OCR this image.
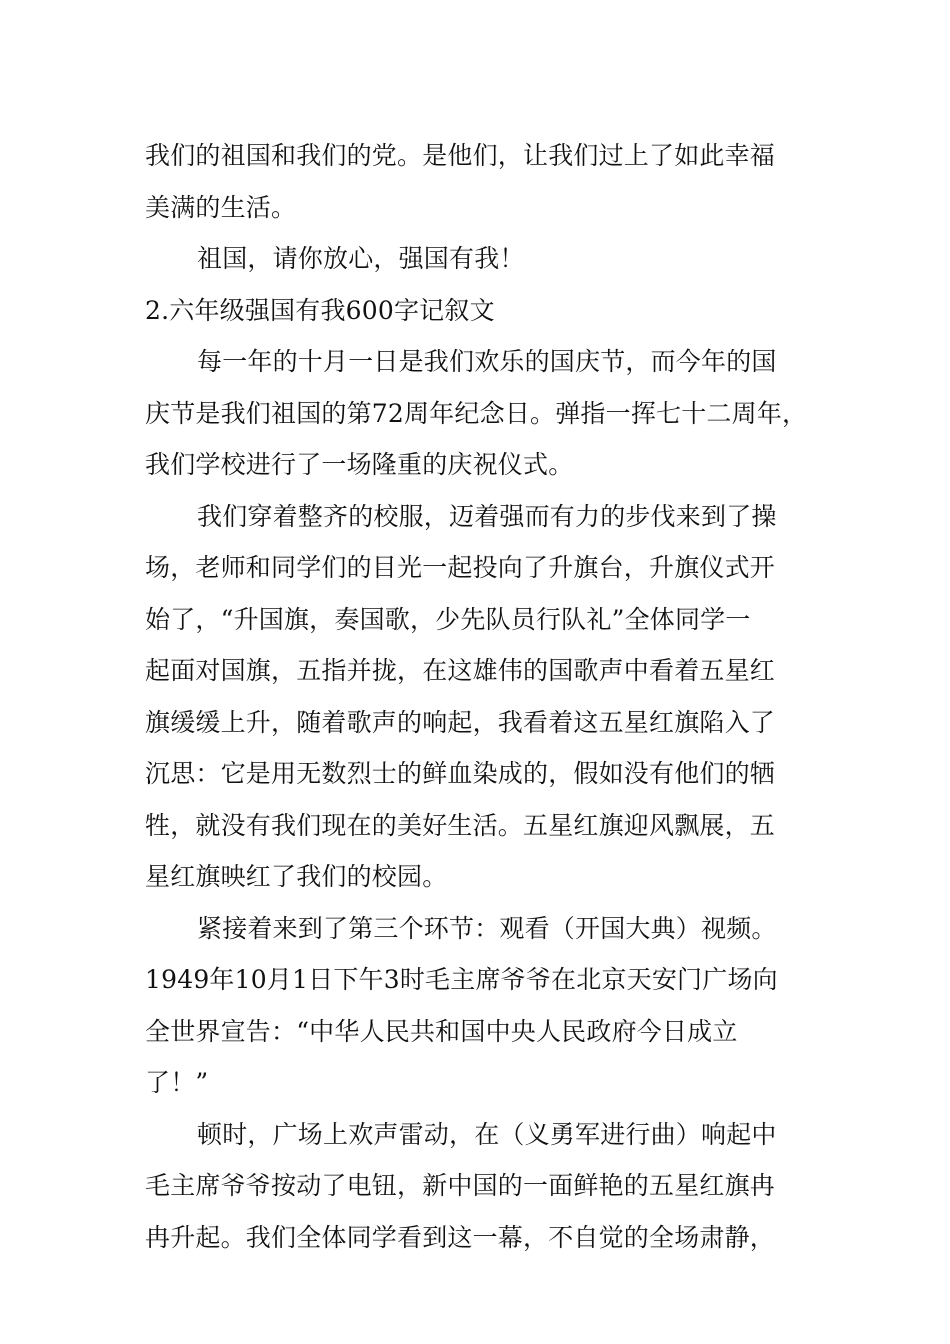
我们的祖国和我们的党。是他们，让我们过上了如此幸福
美满的生活。
祖国，请你放心，强国有我！
2.六年级强国有我600字记叙文
每一年的十月一日是我们欢乐的国庆节，而今年的国
庆节是我们祖国的第72周年纪念日。弹指一挥七十二周年，
我们学校进行了一场隆重的庆祝仪式。
我们穿着整齐的校服，迈着强而有力的步伐来到了操
场，老师和同学们的目光一起投向了升旗台，升旗仪式开
始了，“升国旗，奏国歌，少先队员行队礼”全体同学一
起面对国旗，五指并拢，在这雄伟的国歌声中看着五星红
旗缓缓上升，随着歌声的响起，我看着这五星红旗陷入了
沉思：它是用无数烈士的鲜血染成的，假如没有他们的牺
牲，就没有我们现在的美好生活。五星红旗迎风飘展，五
星红旗映红了我们的校园。
紧接着来到了第三个环节：观看（开国大典）视频。
1949年10月1日下午3时毛主席爷爷在北京天安门广场向
全世界宣告：“中华人民共和国中央人民政府今日成立
了！”
顿时，广场上欢声雷动，在（义勇军进行曲）响起中
毛主席爷爷按动了电钮，新中国的一面鲜艳的五星红旗冉
冉升起。我们全体同学看到这一幕，不自觉的全场肃静，
